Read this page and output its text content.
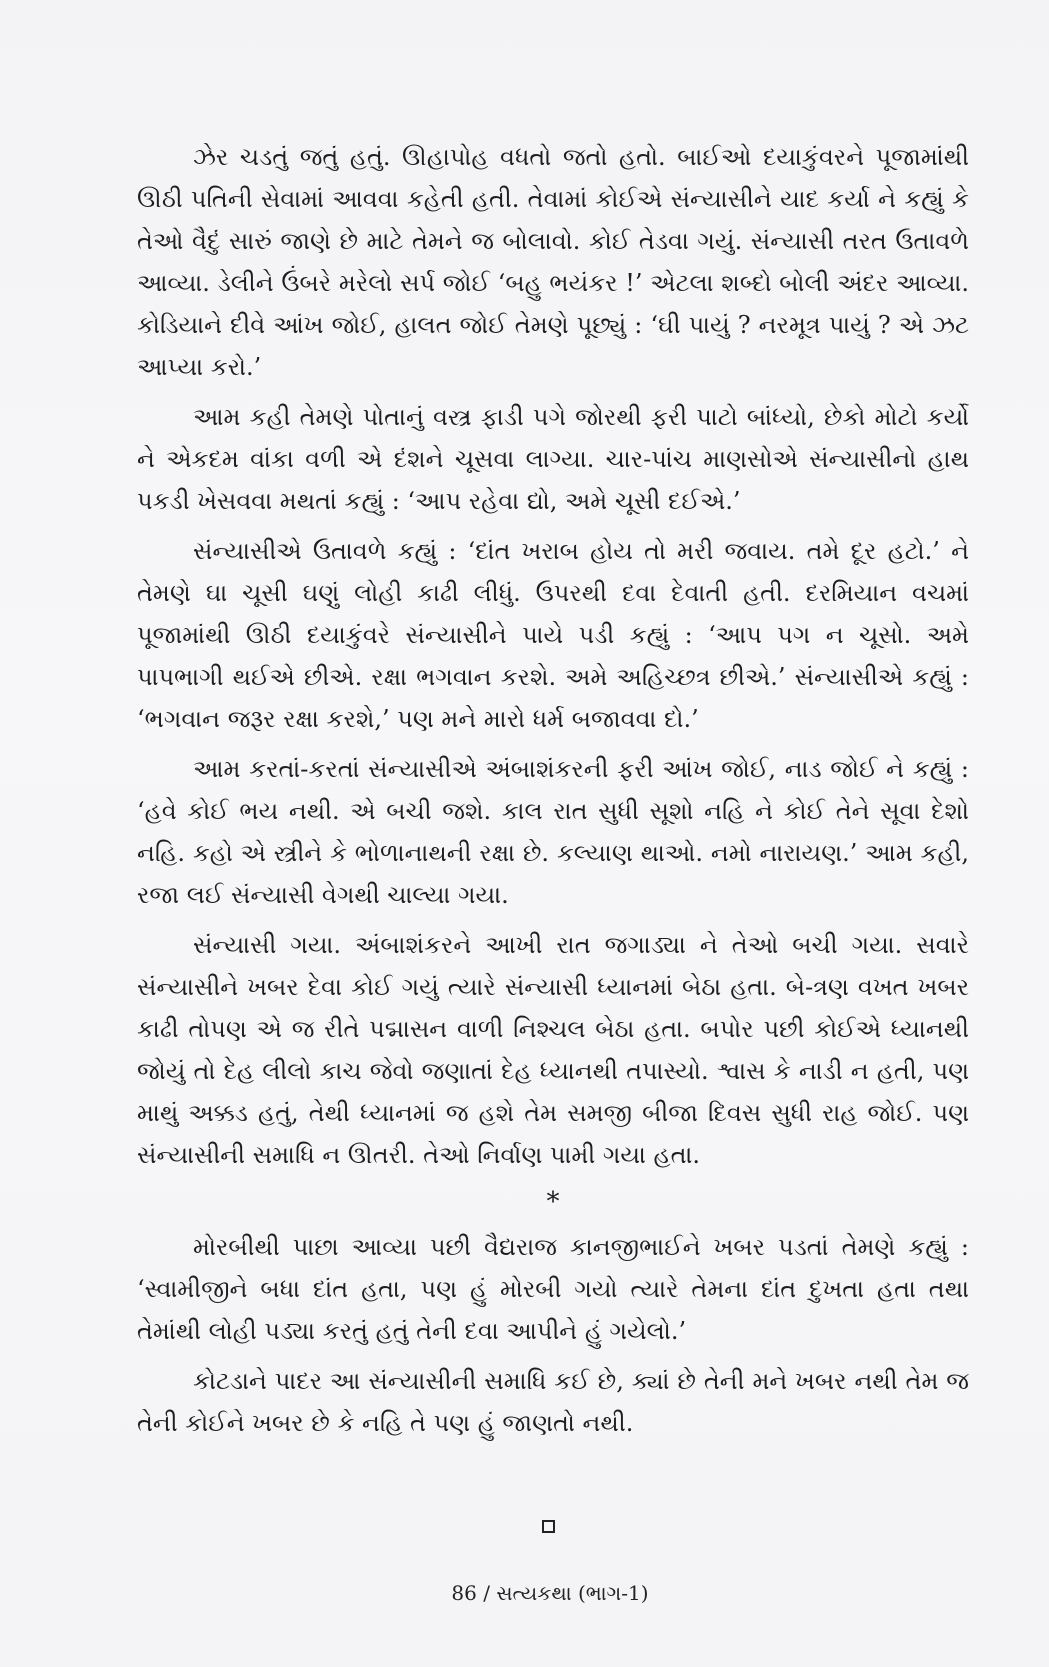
ઝેર ચડતું જતું હતું. ઊહાપોહ વધતો જતો હતો. બાઈઓ દયાકુંવરને પૂજામાંથી ઊઠી પતિની સેવામાં આવવા કહેતી હતી. તેવામાં કોઈએ સંન્યાસીને યાદ કર્યા ને કહ્યું કે તેઓ વૈદું સારું જાણે છે માટે તેમને જ બોલાવો. કોઈ તેડવા ગયું. સંન્યાસી તરત ઉતાવળે આવ્યા. ડેલીને ઉંબરે મરેલો સર્પ જોઈ ‘બહુ ભયંકર !’ એટલા શબ્દો બોલી અંદર આવ્યા. કોડિયાને દીવે આંખ જોઈ, હાલત જોઈ તેમણે પૂછ્યું : ‘ઘી પાયું ? નરમૂત્ર પાયું ? એ ઝટ આપ્યા કરો.’

આમ કહી તેમણે પોતાનું વસ્ત્ર ફાડી પગે જોરથી ફરી પાટો બાંધ્યો, છેકો મોટો કર્યો ને એકદમ વાંકા વળી એ દંશને ચૂસવા લાગ્યા. ચાર-પાંચ માણસોએ સંન્યાસીનો હાથ પકડી ખેસવવા મથતાં કહ્યું : ‘આપ રહેવા દ્યો, અમે ચૂસી દઈએ.’

સંન્યાસીએ ઉતાવળે કહ્યું : ‘દાંત ખરાબ હોય તો મરી જવાય. તમે દૂર હટો.’ ને તેમણે ઘા ચૂસી ઘણું લોહી કાઢી લીધું. ઉપરથી દવા દેવાતી હતી. દરમિયાન વચમાં પૂજામાંથી ઊઠી દયાકુંવરે સંન્યાસીને પાયે પડી કહ્યું : ‘આપ પગ ન ચૂસો. અમે પાપભાગી થઈએ છીએ. રક્ષા ભગવાન કરશે. અમે અહિચ્છત્ર છીએ.’ સંન્યાસીએ કહ્યું : ‘ભગવાન જરૂર રક્ષા કરશે,’ પણ મને મારો ધર્મ બજાવવા દો.’

આમ કરતાં-કરતાં સંન્યાસીએ અંબાશંકરની ફરી આંખ જોઈ, નાડ જોઈ ને કહ્યું : ‘હવે કોઈ ભય નથી. એ બચી જશે. કાલ રાત સુધી સૂશો નહિ ને કોઈ તેને સૂવા દેશો નહિ. કહો એ સ્ત્રીને કે ભોળાનાથની રક્ષા છે. કલ્યાણ થાઓ. નમો નારાયણ.’ આમ કહી, રજા લઈ સંન્યાસી વેગથી ચાલ્યા ગયા.

સંન્યાસી ગયા. અંબાશંકરને આખી રાત જગાડ્યા ને તેઓ બચી ગયા. સવારે સંન્યાસીને ખબર દેવા કોઈ ગયું ત્યારે સંન્યાસી ધ્યાનમાં બેઠા હતા. બે-ત્રણ વખત ખબર કાઢી તોપણ એ જ રીતે પદ્માસન વાળી નિશ્ચલ બેઠા હતા. બપોર પછી કોઈએ ધ્યાનથી જોયું તો દેહ લીલો કાચ જેવો જણાતાં દેહ ધ્યાનથી તપાસ્યો. શ્વાસ કે નાડી ન હતી, પણ માથું અક્કડ હતું, તેથી ધ્યાનમાં જ હશે તેમ સમજી બીજા દિવસ સુધી રાહ જોઈ. પણ સંન્યાસીની સમાધિ ન ઊતરી. તેઓ નિર્વાણ પામી ગયા હતા.

*

મોરબીથી પાછા આવ્યા પછી વૈદ્યરાજ કાનજીભાઈને ખબર પડતાં તેમણે કહ્યું : ‘સ્વામીજીને બધા દાંત હતા, પણ હું મોરબી ગયો ત્યારે તેમના દાંત દુખતા હતા તથા તેમાંથી લોહી પડ્યા કરતું હતું તેની દવા આપીને હું ગયેલો.’

કોટડાને પાદર આ સંન્યાસીની સમાધિ કઈ છે, ક્યાં છે તેની મને ખબર નથી તેમ જ તેની કોઈને ખબર છે કે નહિ તે પણ હું જાણતો નથી.

86 / સત્યકથા (ભાગ-1)
